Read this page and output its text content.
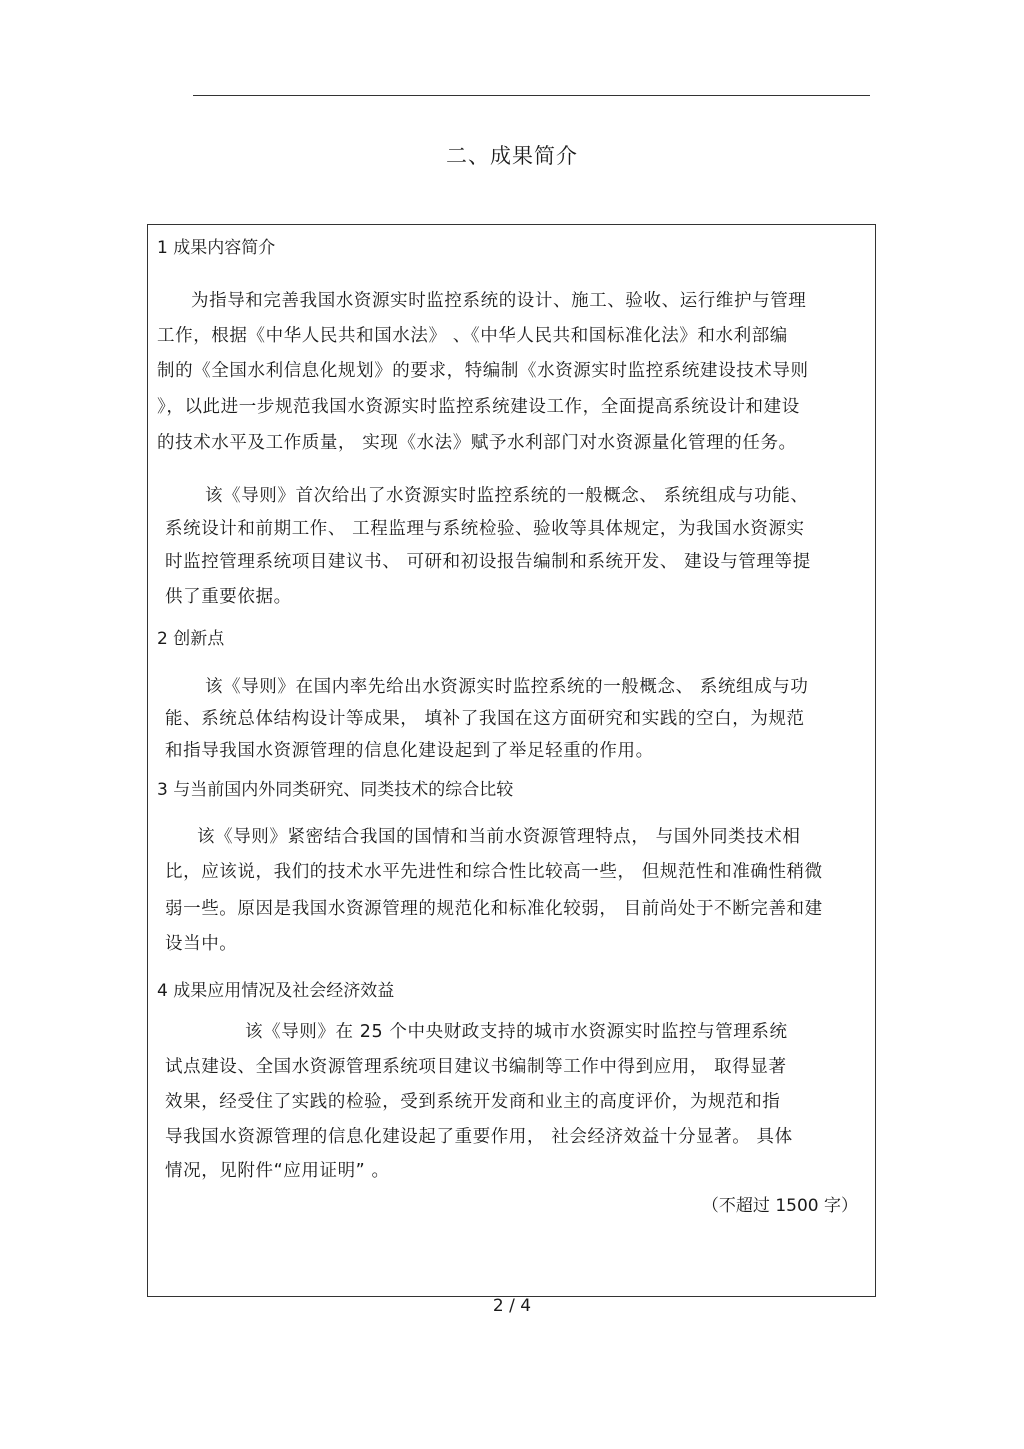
二、成果简介
1 成果内容简介
为指导和完善我国水资源实时监控系统的设计、施工、验收、运行维护与管理
工作，根据《中华人民共和国水法》 、《中华人民共和国标准化法》和水利部编
制的《全国水利信息化规划》的要求，特编制《水资源实时监控系统建设技术导则
》，以此进一步规范我国水资源实时监控系统建设工作，全面提高系统设计和建设
的技术水平及工作质量， 实现《水法》赋予水利部门对水资源量化管理的任务。
该《导则》首次给出了水资源实时监控系统的一般概念、 系统组成与功能、
系统设计和前期工作、 工程监理与系统检验、验收等具体规定，为我国水资源实
时监控管理系统项目建议书、 可研和初设报告编制和系统开发、 建设与管理等提
供了重要依据。
2 创新点
该《导则》在国内率先给出水资源实时监控系统的一般概念、 系统组成与功
能、系统总体结构设计等成果， 填补了我国在这方面研究和实践的空白，为规范
和指导我国水资源管理的信息化建设起到了举足轻重的作用。
3 与当前国内外同类研究、同类技术的综合比较
该《导则》紧密结合我国的国情和当前水资源管理特点， 与国外同类技术相
比，应该说，我们的技术水平先进性和综合性比较高一些， 但规范性和准确性稍微
弱一些。原因是我国水资源管理的规范化和标准化较弱， 目前尚处于不断完善和建
设当中。
4 成果应用情况及社会经济效益
该《导则》在 25 个中央财政支持的城市水资源实时监控与管理系统
试点建设、全国水资源管理系统项目建议书编制等工作中得到应用， 取得显著
效果，经受住了实践的检验，受到系统开发商和业主的高度评价，为规范和指
导我国水资源管理的信息化建设起了重要作用， 社会经济效益十分显著。 具体
情况，见附件“应用证明” 。
（不超过 1500 字）
2 / 4
